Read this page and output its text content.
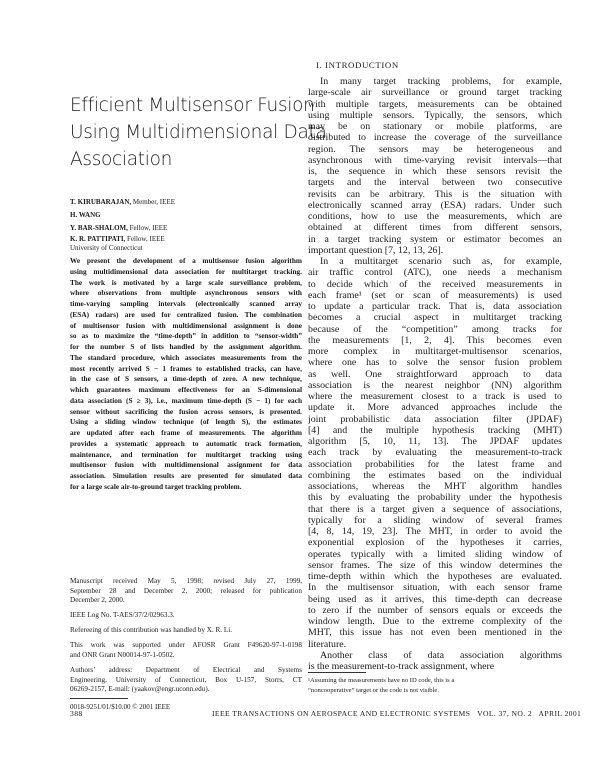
I. INTRODUCTION
Efficient Multisensor Fusion
Using Multidimensional Data
Association
T. KIRUBARAJAN, Member, IEEE
H. WANG
Y. BAR-SHALOM, Fellow, IEEE
K. R. PATTIPATI, Fellow, IEEE
University of Connecticut
We present the development of a multisensor fusion algorithm
using multidimensional data association for multitarget tracking.
The work is motivated by a large scale surveillance problem,
where observations from multiple asynchronous sensors with
time-varying sampling intervals (electronically scanned array
(ESA) radars) are used for centralized fusion. The combination
of multisensor fusion with multidimensional assignment is done
so as to maximize the “time-depth” in addition to “sensor-width”
for the number S of lists handled by the assignment algorithm.
The standard procedure, which associates measurements from the
most recently arrived S − 1 frames to established tracks, can have,
in the case of S sensors, a time-depth of zero. A new technique,
which guarantees maximum effectiveness for an S-dimensional
data association (S ≥ 3), i.e., maximum time-depth (S − 1) for each
sensor without sacrificing the fusion across sensors, is presented.
Using a sliding window technique (of length S), the estimates
are updated after each frame of measurements. The algorithm
provides a systematic approach to automatic track formation,
maintenance, and termination for multitarget tracking using
multisensor fusion with multidimensional assignment for data
association. Simulation results are presented for simulated data
for a large scale air-to-ground target tracking problem.
Manuscript received May 5, 1998; revised July 27, 1999,
September 28 and December 2, 2000; released for publication
December 2, 2000.
IEEE Log No. T-AES/37/2/02963.3.
Refereeing of this contribution was handled by X. R. Li.
This work was supported under AFOSR Grant F49620-97-1-0198
and ONR Grant N00014-97-1-0502.
Authors’ address: Department of Electrical and Systems
Engineering, University of Connecticut, Box U-157, Storrs, CT
06269-2157, E-mail: (yaakov@engr.uconn.edu).
0018-9251/01/$10.00 © 2001 IEEE
In many target tracking problems, for example,
large-scale air surveillance or ground target tracking
with multiple targets, measurements can be obtained
using multiple sensors. Typically, the sensors, which
may be on stationary or mobile platforms, are
distributed to increase the coverage of the surveillance
region. The sensors may be heterogeneous and
asynchronous with time-varying revisit intervals—that
is, the sequence in which these sensors revisit the
targets and the interval between two consecutive
revisits can be arbitrary. This is the situation with
electronically scanned array (ESA) radars. Under such
conditions, how to use the measurements, which are
obtained at different times from different sensors,
in a target tracking system or estimator becomes an
important question [7, 12, 13, 26].
In a multitarget scenario such as, for example,
air traffic control (ATC), one needs a mechanism
to decide which of the received measurements in
each frame¹ (set or scan of measurements) is used
to update a particular track. That is, data association
becomes a crucial aspect in multitarget tracking
because of the “competition” among tracks for
the measurements [1, 2, 4]. This becomes even
more complex in multitarget-multisensor scenarios,
where one has to solve the sensor fusion problem
as well. One straightforward approach to data
association is the nearest neighbor (NN) algorithm
where the measurement closest to a track is used to
update it. More advanced approaches include the
joint probabilistic data association filter (JPDAF)
[4] and the multiple hypothesis tracking (MHT)
algorithm [5, 10, 11, 13]. The JPDAF updates
each track by evaluating the measurement-to-track
association probabilities for the latest frame and
combining the estimates based on the individual
associations, whereas the MHT algorithm handles
this by evaluating the probability under the hypothesis
that there is a target given a sequence of associations,
typically for a sliding window of several frames
[4, 8, 14, 19, 23]. The MHT, in order to avoid the
exponential explosion of the hypotheses it carries,
operates typically with a limited sliding window of
sensor frames. The size of this window determines the
time-depth within which the hypotheses are evaluated.
In the multisensor situation, with each sensor frame
being used as it arrives, this time-depth can decrease
to zero if the number of sensors equals or exceeds the
window length. Due to the extreme complexity of the
MHT, this issue has not even been mentioned in the
literature.
Another class of data association algorithms
is the measurement-to-track assignment, where
¹Assuming the measurements have no ID code, this is a
“noncooperative” target or the code is not visible.
388	IEEE TRANSACTIONS ON AEROSPACE AND ELECTRONIC SYSTEMS   VOL. 37, NO. 2   APRIL 2001
